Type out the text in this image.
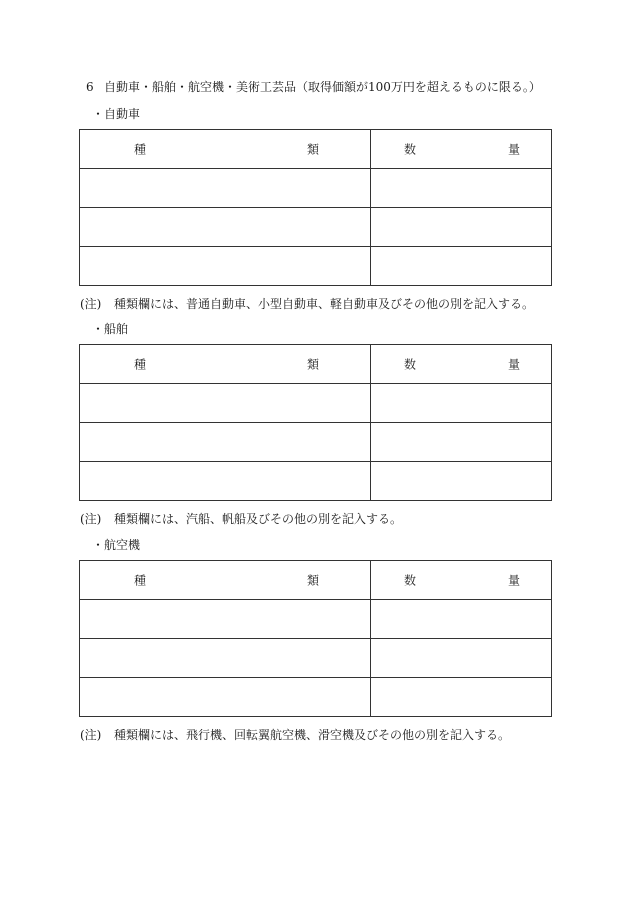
6 自動車・船舶・航空機・美術工芸品（取得価額が100万円を超えるものに限る。）
・自動車
種 類	数 量

(注) 種類欄には、普通自動車、小型自動車、軽自動車及びその他の別を記入する。
・船舶
種 類	数 量

(注) 種類欄には、汽船、帆船及びその他の別を記入する。
・航空機
種 類	数 量

(注) 種類欄には、飛行機、回転翼航空機、滑空機及びその他の別を記入する。
